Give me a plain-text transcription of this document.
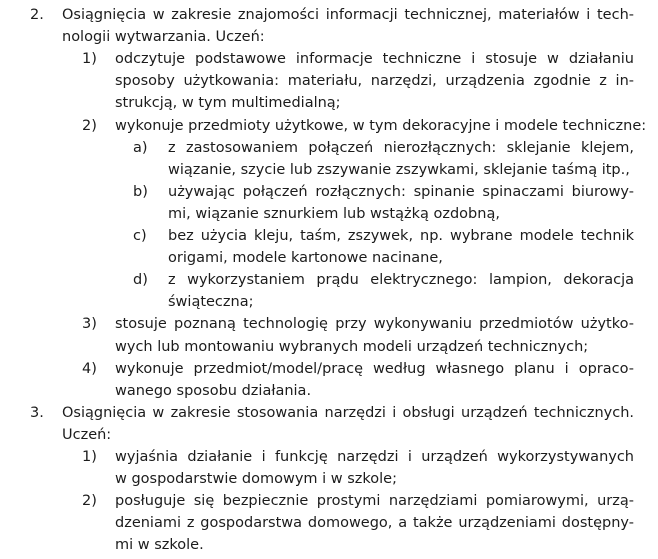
2. Osiągnięcia w zakresie znajomości informacji technicznej, materiałów i tech-
nologii wytwarzania. Uczeń:
1) odczytuje podstawowe informacje techniczne i stosuje w działaniu
sposoby użytkowania: materiału, narzędzi, urządzenia zgodnie z in-
strukcją, w tym multimedialną;
2) wykonuje przedmioty użytkowe, w tym dekoracyjne i modele techniczne:
a) z zastosowaniem połączeń nierozłącznych: sklejanie klejem,
wiązanie, szycie lub zszywanie zszywkami, sklejanie taśmą itp.,
b) używając połączeń rozłącznych: spinanie spinaczami biurowy-
mi, wiązanie sznurkiem lub wstążką ozdobną,
c) bez użycia kleju, taśm, zszywek, np. wybrane modele technik
origami, modele kartonowe nacinane,
d) z wykorzystaniem prądu elektrycznego: lampion, dekoracja
świąteczna;
3) stosuje poznaną technologię przy wykonywaniu przedmiotów użytko-
wych lub montowaniu wybranych modeli urządzeń technicznych;
4) wykonuje przedmiot/model/pracę według własnego planu i opraco-
wanego sposobu działania.
3. Osiągnięcia w zakresie stosowania narzędzi i obsługi urządzeń technicznych.
Uczeń:
1) wyjaśnia działanie i funkcję narzędzi i urządzeń wykorzystywanych
w gospodarstwie domowym i w szkole;
2) posługuje się bezpiecznie prostymi narzędziami pomiarowymi, urzą-
dzeniami z gospodarstwa domowego, a także urządzeniami dostępny-
mi w szkole.
